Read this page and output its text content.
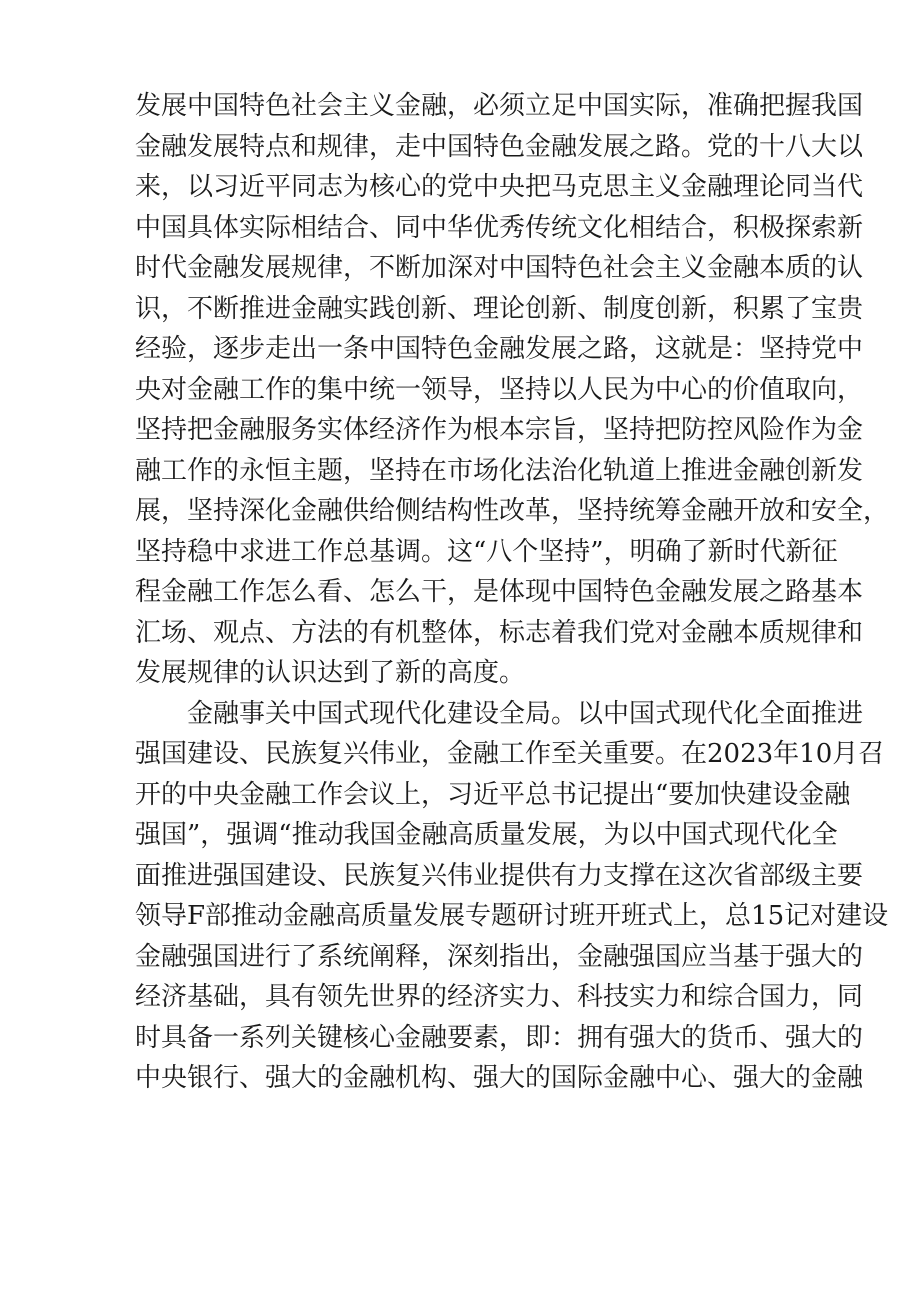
发展中国特色社会主义金融，必须立足中国实际，准确把握我国
金融发展特点和规律，走中国特色金融发展之路。党的十八大以
来，以习近平同志为核心的党中央把马克思主义金融理论同当代
中国具体实际相结合、同中华优秀传统文化相结合，积极探索新
时代金融发展规律，不断加深对中国特色社会主义金融本质的认
识，不断推进金融实践创新、理论创新、制度创新，积累了宝贵
经验，逐步走出一条中国特色金融发展之路，这就是：坚持党中
央对金融工作的集中统一领导，坚持以人民为中心的价值取向，
坚持把金融服务实体经济作为根本宗旨，坚持把防控风险作为金
融工作的永恒主题，坚持在市场化法治化轨道上推进金融创新发
展，坚持深化金融供给侧结构性改革，坚持统筹金融开放和安全，
坚持稳中求进工作总基调。这“八个坚持”，明确了新时代新征
程金融工作怎么看、怎么干，是体现中国特色金融发展之路基本
汇场、观点、方法的有机整体，标志着我们党对金融本质规律和
发展规律的认识达到了新的高度。

金融事关中国式现代化建设全局。以中国式现代化全面推进
强国建设、民族复兴伟业，金融工作至关重要。在2023年10月召
开的中央金融工作会议上，习近平总书记提出“要加快建设金融
强国”，强调“推动我国金融高质量发展，为以中国式现代化全
面推进强国建设、民族复兴伟业提供有力支撑在这次省部级主要
领导F部推动金融高质量发展专题研讨班开班式上，总15记对建设
金融强国进行了系统阐释，深刻指出，金融强国应当基于强大的
经济基础，具有领先世界的经济实力、科技实力和综合国力，同
时具备一系列关键核心金融要素，即：拥有强大的货币、强大的
中央银行、强大的金融机构、强大的国际金融中心、强大的金融
